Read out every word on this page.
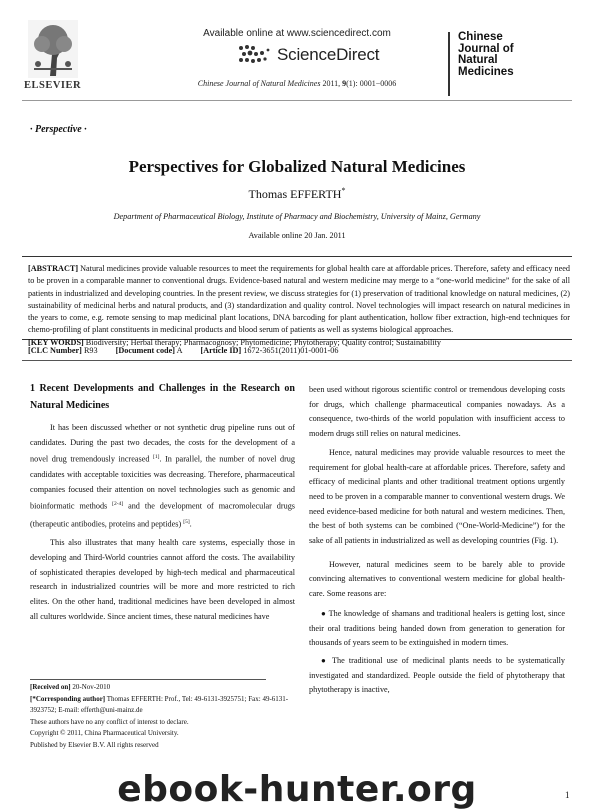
ELSEVIER
Available online at www.sciencedirect.com
ScienceDirect
Chinese Journal of Natural Medicines 2011, 9(1): 0001−0006
Chinese
Journal of
Natural
Medicines
· Perspective ·
Perspectives for Globalized Natural Medicines
Thomas EFFERTH*
Department of Pharmaceutical Biology, Institute of Pharmacy and Biochemistry, University of Mainz, Germany
Available online 20 Jan. 2011
[ABSTRACT] Natural medicines provide valuable resources to meet the requirements for global health care at affordable prices. Therefore, safety and efficacy need to be proven in a comparable manner to conventional drugs. Evidence-based natural and western medicine may merge to a “one-world medicine” for the sake of all patients in industrialized and developing countries. In the present review, we discuss strategies for (1) preservation of traditional knowledge on natural medicines, (2) sustainability of medicinal herbs and natural products, and (3) standardization and quality control. Novel technologies will impact research on natural medicines in the years to come, e.g. remote sensing to map medicinal plant locations, DNA barcoding for plant authentication, hollow fiber extraction, high-end techniques for chemo-profiling of plant constituents in medicinal products and blood serum of patients as well as systems biological approaches.
[KEY WORDS] Biodiversity; Herbal therapy; Pharmacognosy; Phytomedicine; Phytotherapy; Quality control; Sustainability
[CLC Number] R93 [Document code] A [Article ID] 1672-3651(2011)01-0001-06
1 Recent Developments and Challenges in the Research on Natural Medicines
It has been discussed whether or not synthetic drug pipeline runs out of candidates. During the past two decades, the costs for the development of a novel drug tremendously increased [1]. In parallel, the number of novel drug candidates with acceptable toxicities was decreasing. Therefore, pharmaceutical companies focused their attention on novel technologies such as genomic and bioinformatic methods [2-4] and the development of macromolecular drugs (therapeutic antibodies, proteins and peptides) [5].
This also illustrates that many health care systems, especially those in developing and Third-World countries cannot afford the costs. The availability of sophisticated therapies developed by high-tech medical and pharmaceutical research in industrialized countries will be more and more restricted to rich elites. On the other hand, traditional medicines have been developed in almost all cultures worldwide. Since ancient times, these natural medicines have
[Received on] 20-Nov-2010
[*Corresponding author] Thomas EFFERTH: Prof., Tel: 49-6131-3925751; Fax: 49-6131-3923752; E-mail: efferth@uni-mainz.de
These authors have no any conflict of interest to declare.
Copyright © 2011, China Pharmaceutical University.
Published by Elsevier B.V. All rights reserved
been used without rigorous scientific control or tremendous developing costs for drugs, which challenge pharmaceutical companies nowadays. As a consequence, two-thirds of the world population with insufficient access to modern drugs still relies on natural medicines.
Hence, natural medicines may provide valuable resources to meet the requirement for global health-care at affordable prices. Therefore, safety and efficacy of medicinal plants and other traditional treatment options urgently need to be proven in a comparable manner to conventional western drugs. We need evidence-based medicine for both natural and western medicines. Then, the best of both systems can be combined (“One-World-Medicine”) for the sake of all patients in industrialized as well as developing countries (Fig. 1).
However, natural medicines seem to be barely able to provide convincing alternatives to conventional western medicine for global health-care. Some reasons are:
● The knowledge of shamans and traditional healers is getting lost, since their oral traditions being handed down from generation to generation for thousands of years seem to be extinguished in modern times.
● The traditional use of medicinal plants needs to be systematically investigated and standardized. People outside the field of phytotherapy that phytotherapy is inactive,
ebook-hunter.org	1
